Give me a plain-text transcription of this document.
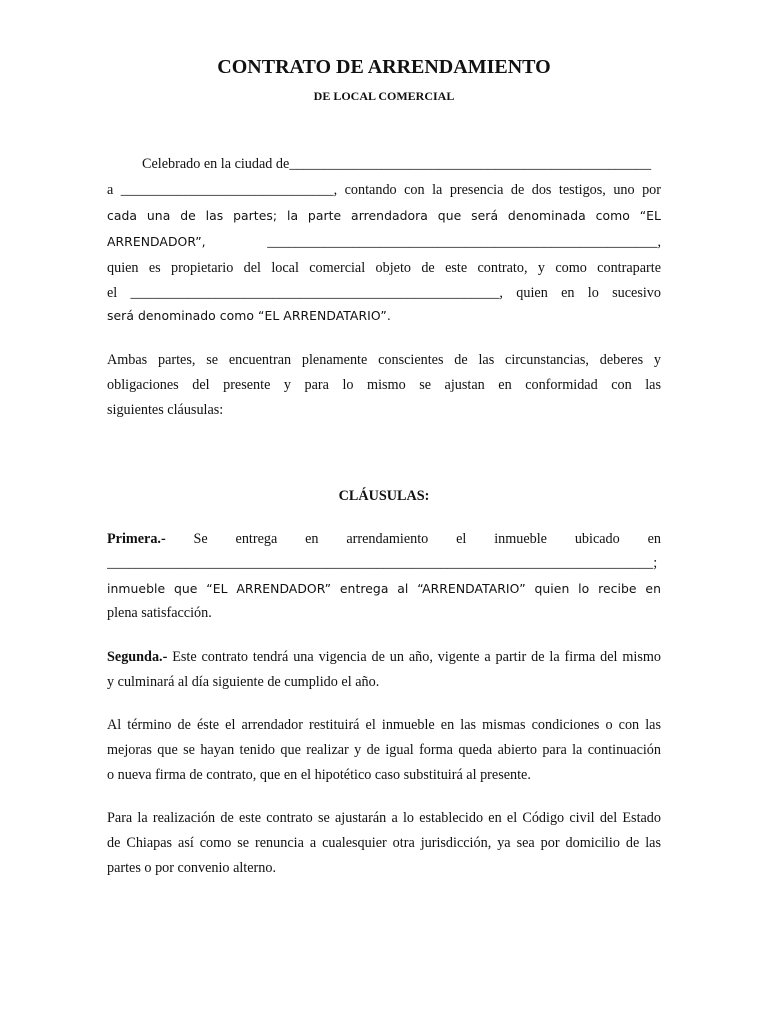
CONTRATO DE ARRENDAMIENTO
DE LOCAL COMERCIAL
Celebrado en la ciudad de___________________________________________________
a ______________________________, contando con la presencia de dos testigos, uno por
cada una de las partes; la parte arrendadora que será denominada como “EL
ARRENDADOR”,	_______________________________________________________,
quien es propietario del local comercial objeto de este contrato, y como contraparte
el ____________________________________________________, quien en lo sucesivo
será denominado como “EL ARRENDATARIO”.
Ambas partes, se encuentran plenamente conscientes de las circunstancias, deberes y
obligaciones del presente y para lo mismo se ajustan en conformidad con las
siguientes cláusulas:
CLÁUSULAS:
Primera.- Se entrega en arrendamiento el inmueble ubicado en
_____________________________________________________________________________;
inmueble que “EL ARRENDADOR” entrega al “ARRENDATARIO” quien lo recibe en
plena satisfacción.
Segunda.- Este contrato tendrá una vigencia de un año, vigente a partir de la firma del mismo
y culminará al día siguiente de cumplido el año.
Al término de éste el arrendador restituirá el inmueble en las mismas condiciones o con las
mejoras que se hayan tenido que realizar y de igual forma queda abierto para la continuación
o nueva firma de contrato, que en el hipotético caso substituirá al presente.
Para la realización de este contrato se ajustarán a lo establecido en el Código civil del Estado
de Chiapas así como se renuncia a cualesquier otra jurisdicción, ya sea por domicilio de las
partes o por convenio alterno.
